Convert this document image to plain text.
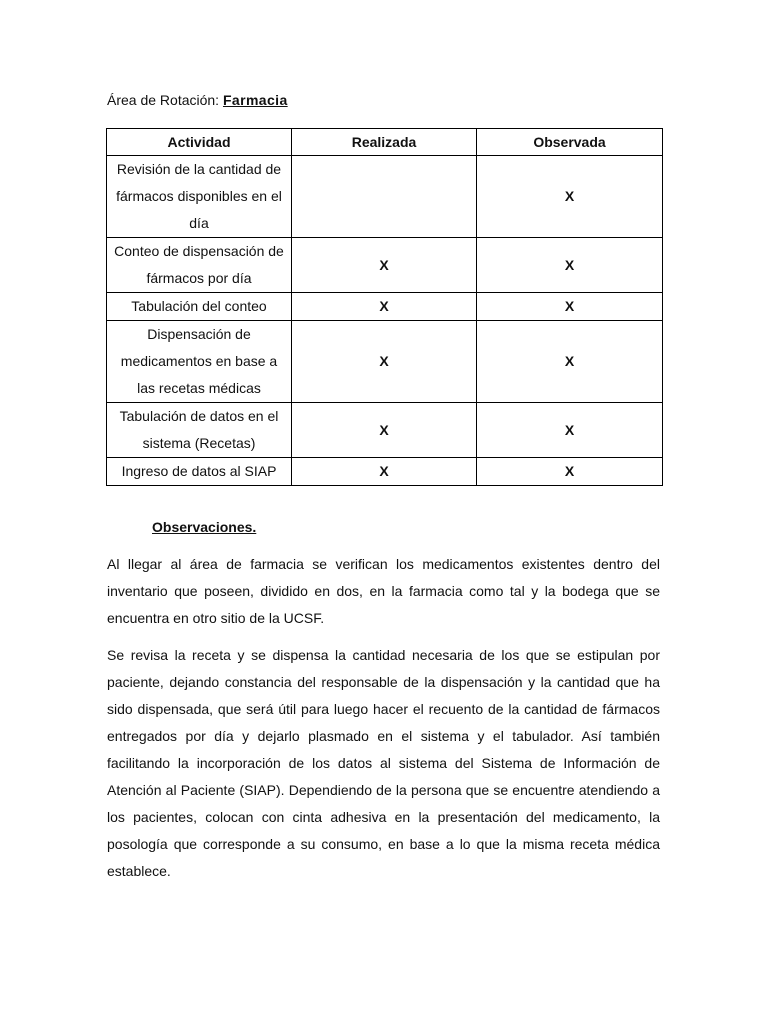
Área de Rotación: Farmacia
Actividad	Realizada	Observada
Revisión de la cantidad de fármacos disponibles en el día		X
Conteo de dispensación de fármacos por día	X	X
Tabulación del conteo	X	X
Dispensación de medicamentos en base a las recetas médicas	X	X
Tabulación de datos en el sistema (Recetas)	X	X
Ingreso de datos al SIAP	X	X
Observaciones.

Al llegar al área de farmacia se verifican los medicamentos existentes dentro del inventario que poseen, dividido en dos, en la farmacia como tal y la bodega que se encuentra en otro sitio de la UCSF.

Se revisa la receta y se dispensa la cantidad necesaria de los que se estipulan por paciente, dejando constancia del responsable de la dispensación y la cantidad que ha sido dispensada, que será útil para luego hacer el recuento de la cantidad de fármacos entregados por día y dejarlo plasmado en el sistema y el tabulador. Así también facilitando la incorporación de los datos al sistema del Sistema de Información de Atención al Paciente (SIAP). Dependiendo de la persona que se encuentre atendiendo a los pacientes, colocan con cinta adhesiva en la presentación del medicamento, la posología que corresponde a su consumo, en base a lo que la misma receta médica establece.
